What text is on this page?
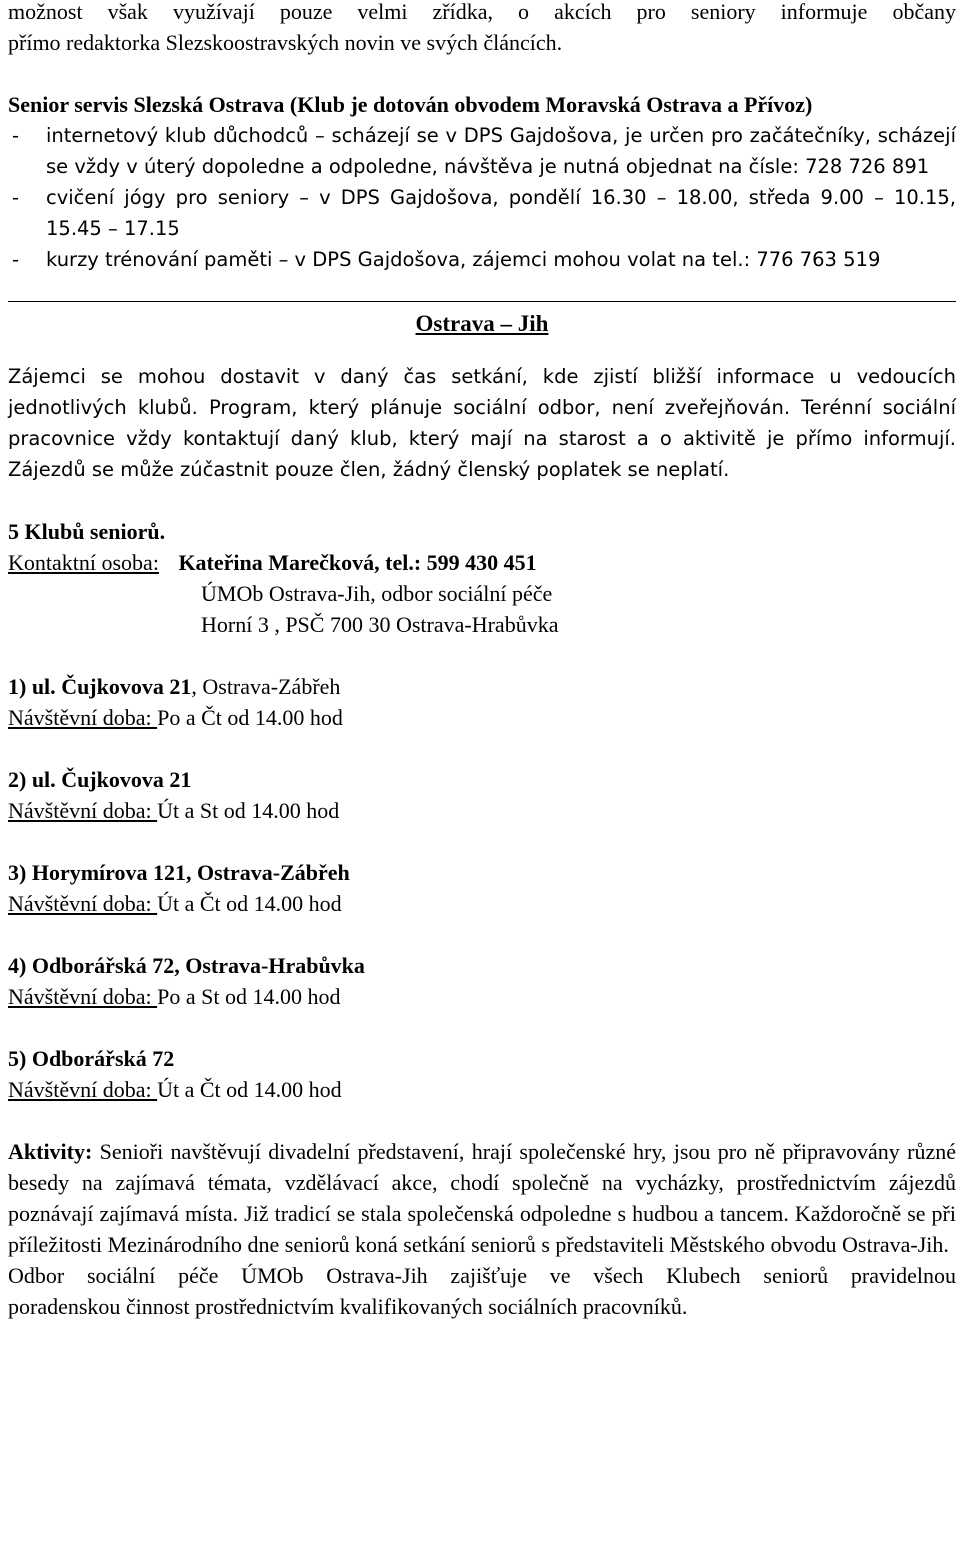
možnost však využívají pouze velmi zřídka, o akcích pro seniory informuje občany

přímo redaktorka Slezskoostravských novin ve svých článcích.

Senior servis Slezská Ostrava (Klub je dotován obvodem Moravská Ostrava a Přívoz)

-	internetový klub důchodců – scházejí se v DPS Gajdošova, je určen pro začátečníky, scházejí se vždy v úterý dopoledne a odpoledne, návštěva je nutná objednat na čísle: 728 726 891
-	cvičení jógy pro seniory – v DPS Gajdošova, pondělí 16.30 – 18.00, středa 9.00 – 10.15, 15.45 – 17.15
-	kurzy trénování paměti – v DPS Gajdošova, zájemci mohou volat na tel.: 776 763 519

Ostrava – Jih

Zájemci se mohou dostavit v daný čas setkání, kde zjistí bližší informace u vedoucích jednotlivých klubů. Program, který plánuje sociální odbor, není zveřejňován. Terénní sociální pracovnice vždy kontaktují daný klub, který mají na starost a o aktivitě je přímo informují. Zájezdů se může zúčastnit pouze člen, žádný členský poplatek se neplatí.

5 Klubů seniorů.

Kontaktní osoba: Kateřina Marečková, tel.: 599 430 451

ÚMOb Ostrava-Jih, odbor sociální péče

Horní 3 , PSČ 700 30 Ostrava-Hrabůvka

1) ul. Čujkovova 21, Ostrava-Zábřeh

Návštěvní doba: Po a Čt od 14.00 hod

2) ul. Čujkovova 21

Návštěvní doba: Út a St od 14.00 hod

3) Horymírova 121, Ostrava-Zábřeh

Návštěvní doba: Út a Čt od 14.00 hod

4) Odborářská 72, Ostrava-Hrabůvka

Návštěvní doba: Po a St od 14.00 hod

5) Odborářská 72

Návštěvní doba: Út a Čt od 14.00 hod

Aktivity: Senioři navštěvují divadelní představení, hrají společenské hry, jsou pro ně připravovány různé besedy na zajímavá témata, vzdělávací akce, chodí společně na vycházky, prostřednictvím zájezdů poznávají zajímavá místa. Již tradicí se stala společenská odpoledne s hudbou a tancem. Každoročně se při příležitosti Mezinárodního dne seniorů koná setkání seniorů s představiteli Městského obvodu Ostrava-Jih.

Odbor sociální péče ÚMOb Ostrava-Jih zajišťuje ve všech Klubech seniorů pravidelnou

poradenskou činnost prostřednictvím kvalifikovaných sociálních pracovníků.
